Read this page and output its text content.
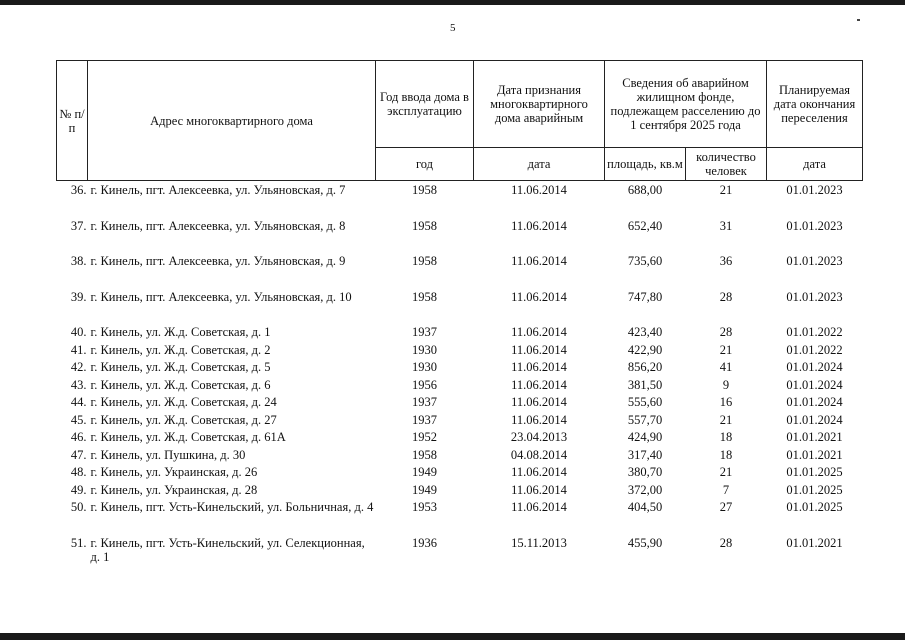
5
№ п/п	Адрес многоквартирного дома	Год ввода дома в эксплуатацию	Дата признания многоквартирного дома аварийным	Сведения об аварийном жилищном фонде, подлежащем расселению до 1 сентября 2025 года		Планируемая дата окончания переселения
		год	дата	площадь, кв.м	количество человек	дата
36.	г. Кинель, пгт. Алексеевка, ул. Ульяновская, д. 7	1958	11.06.2014	688,00	21	01.01.2023
37.	г. Кинель, пгт. Алексеевка, ул. Ульяновская, д. 8	1958	11.06.2014	652,40	31	01.01.2023
38.	г. Кинель, пгт. Алексеевка, ул. Ульяновская, д. 9	1958	11.06.2014	735,60	36	01.01.2023
39.	г. Кинель, пгт. Алексеевка, ул. Ульяновская, д. 10	1958	11.06.2014	747,80	28	01.01.2023
40.	г. Кинель, ул. Ж.д. Советская, д. 1	1937	11.06.2014	423,40	28	01.01.2022
41.	г. Кинель, ул. Ж.д. Советская, д. 2	1930	11.06.2014	422,90	21	01.01.2022
42.	г. Кинель, ул. Ж.д. Советская, д. 5	1930	11.06.2014	856,20	41	01.01.2024
43.	г. Кинель, ул. Ж.д. Советская, д. 6	1956	11.06.2014	381,50	9	01.01.2024
44.	г. Кинель, ул. Ж.д. Советская, д. 24	1937	11.06.2014	555,60	16	01.01.2024
45.	г. Кинель, ул. Ж.д. Советская, д. 27	1937	11.06.2014	557,70	21	01.01.2024
46.	г. Кинель, ул. Ж.д. Советская, д. 61А	1952	23.04.2013	424,90	18	01.01.2021
47.	г. Кинель, ул. Пушкина, д. 30	1958	04.08.2014	317,40	18	01.01.2021
48.	г. Кинель, ул. Украинская, д. 26	1949	11.06.2014	380,70	21	01.01.2025
49.	г. Кинель, ул. Украинская, д. 28	1949	11.06.2014	372,00	7	01.01.2025
50.	г. Кинель, пгт. Усть-Кинельский, ул. Больничная, д. 4	1953	11.06.2014	404,50	27	01.01.2025
51.	г. Кинель, пгт. Усть-Кинельский, ул. Селекционная, д. 1	1936	15.11.2013	455,90	28	01.01.2021
